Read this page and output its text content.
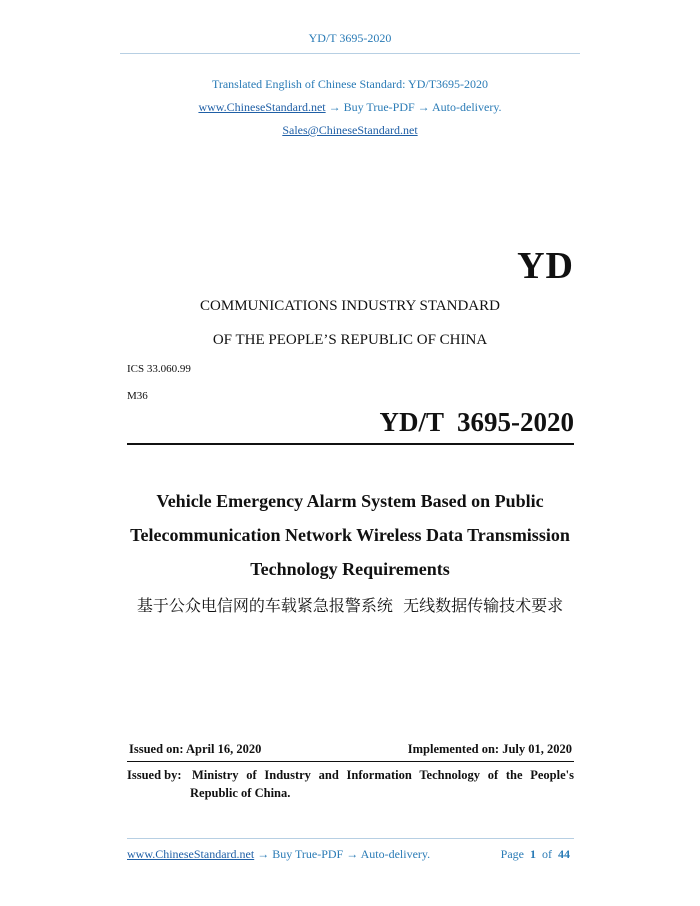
YD/T 3695-2020
Translated English of Chinese Standard: YD/T3695-2020
www.ChineseStandard.net → Buy True-PDF → Auto-delivery.
Sales@ChineseStandard.net
YD
COMMUNICATIONS INDUSTRY STANDARD
OF THE PEOPLE’S REPUBLIC OF CHINA
ICS 33.060.99
M36
YD/T  3695-2020
Vehicle Emergency Alarm System Based on Public
Telecommunication Network Wireless Data Transmission
Technology Requirements
基于公众电信网的车载紧急报警系统  无线数据传输技术要求
Issued on: April 16, 2020	Implemented on: July 01, 2020
Issued by: Ministry of Industry and Information Technology of the People's
Republic of China.
www.ChineseStandard.net → Buy True-PDF → Auto-delivery.	Page 1 of 44
